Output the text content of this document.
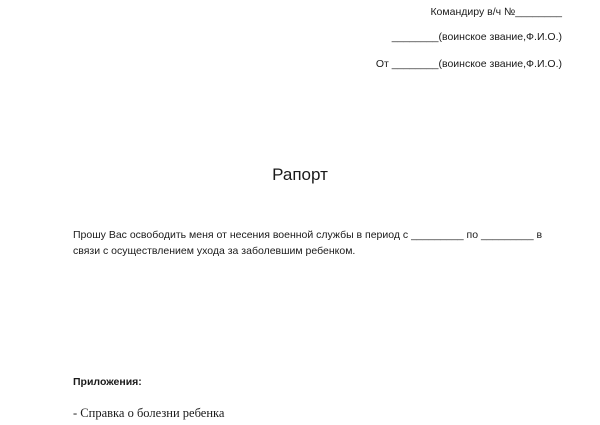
Командиру в/ч №________
________(воинское звание,Ф.И.О.)
От ________(воинское звание,Ф.И.О.)
Рапорт
Прошу Вас освободить меня от несения военной службы в период с _________ по _________ в
связи с осуществлением ухода за заболевшим ребенком.
Приложения:
- Справка о болезни ребенка
